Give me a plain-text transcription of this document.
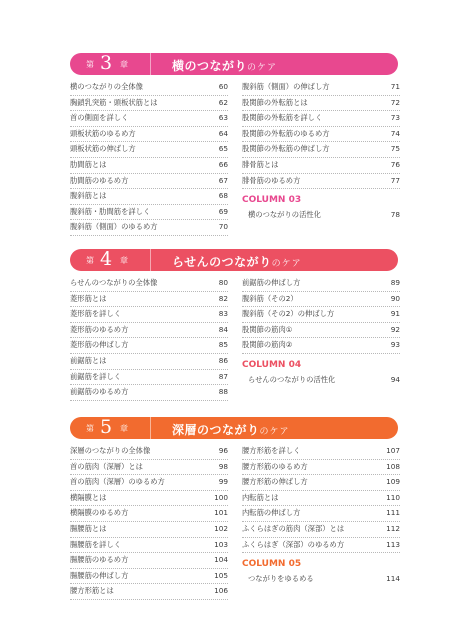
第 3 章	横のつながりのケア
横のつながりの全体像	60
胸鎖乳突筋・頭板状筋とは	62
首の側面を詳しく	63
頭板状筋のゆるめ方	64
頭板状筋の伸ばし方	65
肋間筋とは	66
肋間筋のゆるめ方	67
腹斜筋とは	68
腹斜筋・肋間筋を詳しく	69
腹斜筋（側面）のゆるめ方	70
腹斜筋（側面）の伸ばし方	71
股関節の外転筋とは	72
股関節の外転筋を詳しく	73
股関節の外転筋のゆるめ方	74
股関節の外転筋の伸ばし方	75
腓骨筋とは	76
腓骨筋のゆるめ方	77
COLUMN 03
横のつながりの活性化	78
第 4 章	らせんのつながりのケア
らせんのつながりの全体像	80
菱形筋とは	82
菱形筋を詳しく	83
菱形筋のゆるめ方	84
菱形筋の伸ばし方	85
前鋸筋とは	86
前鋸筋を詳しく	87
前鋸筋のゆるめ方	88
前鋸筋の伸ばし方	89
腹斜筋（その2）	90
腹斜筋（その2）の伸ばし方	91
股関節の筋肉①	92
股関節の筋肉②	93
COLUMN 04
らせんのつながりの活性化	94
第 5 章	深層のつながりのケア
深層のつながりの全体像	96
首の筋肉（深層）とは	98
首の筋肉（深層）のゆるめ方	99
横隔膜とは	100
横隔膜のゆるめ方	101
腸腰筋とは	102
腸腰筋を詳しく	103
腸腰筋のゆるめ方	104
腸腰筋の伸ばし方	105
腰方形筋とは	106
腰方形筋を詳しく	107
腰方形筋のゆるめ方	108
腰方形筋の伸ばし方	109
内転筋とは	110
内転筋の伸ばし方	111
ふくらはぎの筋肉（深部）とは	112
ふくらはぎ（深部）のゆるめ方	113
COLUMN 05
つながりをゆるめる	114
